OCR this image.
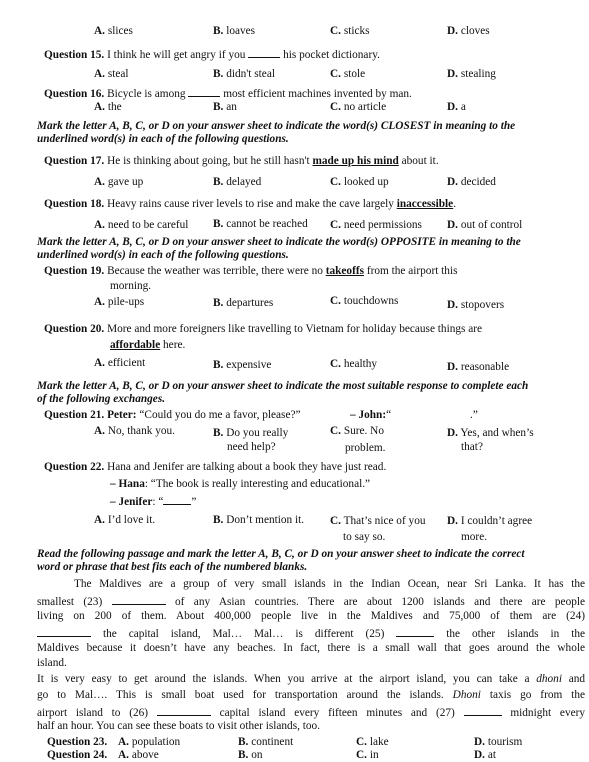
A. slices	B. loaves	C. sticks	D. cloves
Question 15. I think he will get angry if you	his pocket dictionary.
A. steal	B. didn't steal	C. stole	D. stealing
Question 16. Bicycle is among	most efficient machines invented by man.
A. the	B. an	C. no article	D. a
Mark the letter A, B, C, or D on your answer sheet to indicate the word(s) CLOSEST in meaning to the
underlined word(s) in each of the following questions.
Question 17. He is thinking about going, but he still hasn't made up his mind about it.
A. gave up	B. delayed	C. looked up	D. decided
Question 18. Heavy rains cause river levels to rise and make the cave largely inaccessible.
A. need to be careful B. cannot be reached C. need permissions D. out of control
Mark the letter A, B, C, or D on your answer sheet to indicate the word(s) OPPOSITE in meaning to the
underlined word(s) in each of the following questions.
Question 19. Because the weather was terrible, there were no takeoffs from the airport this
morning.
A. pile-ups	B. departures	C. touchdowns	D. stopovers
Question 20. More and more foreigners like travelling to Vietnam for holiday because things are
affordable here.
A. efficient	B. expensive	C. healthy	D. reasonable
Mark the letter A, B, C, or D on your answer sheet to indicate the most suitable response to complete each
of the following exchanges.
Question 21. Peter: “Could you do me a favor, please?”	– John:“	.”
A. No, thank you.	B. Do you really
need help?
C. Sure. No
problem.
D. Yes, and when’s
that?
Question 22. Hana and Jenifer are talking about a book they have just read.
– Hana: “The book is really interesting and educational.”
– Jenifer: “ ”
A. I’d love it.	B. Don’t mention it. C. That’s nice of you
to say so.
D. I couldn’t agree
more.
Read the following passage and mark the letter A, B, C, or D on your answer sheet to indicate the correct
word or phrase that best fits each of the numbered blanks.
The Maldives are a group of very small islands in the Indian Ocean, near Sri Lanka. It has the
smallest (23)	of any Asian countries. There are about 1200 islands and there are people
living on 200 of them. About 400,000 people live in the Maldives and 75,000 of them are (24)
the capital island, Mal… Mal… is different (25)	the other islands in the
Maldives because it doesn’t have any beaches. In fact, there is a small wall that goes around the whole
island.
It is very easy to get around the islands. When you arrive at the airport island, you can take a dhoni and
go to Mal…. This is small boat used for transportation around the islands. Dhoni taxis go from the
airport island to (26)	capital island every fifteen minutes and (27)	midnight every
half an hour. You can see these boats to visit other islands, too.
Question 23. A. population	B. continent	C. lake	D. tourism
Question 24. A. above	B. on	C. in	D. at
